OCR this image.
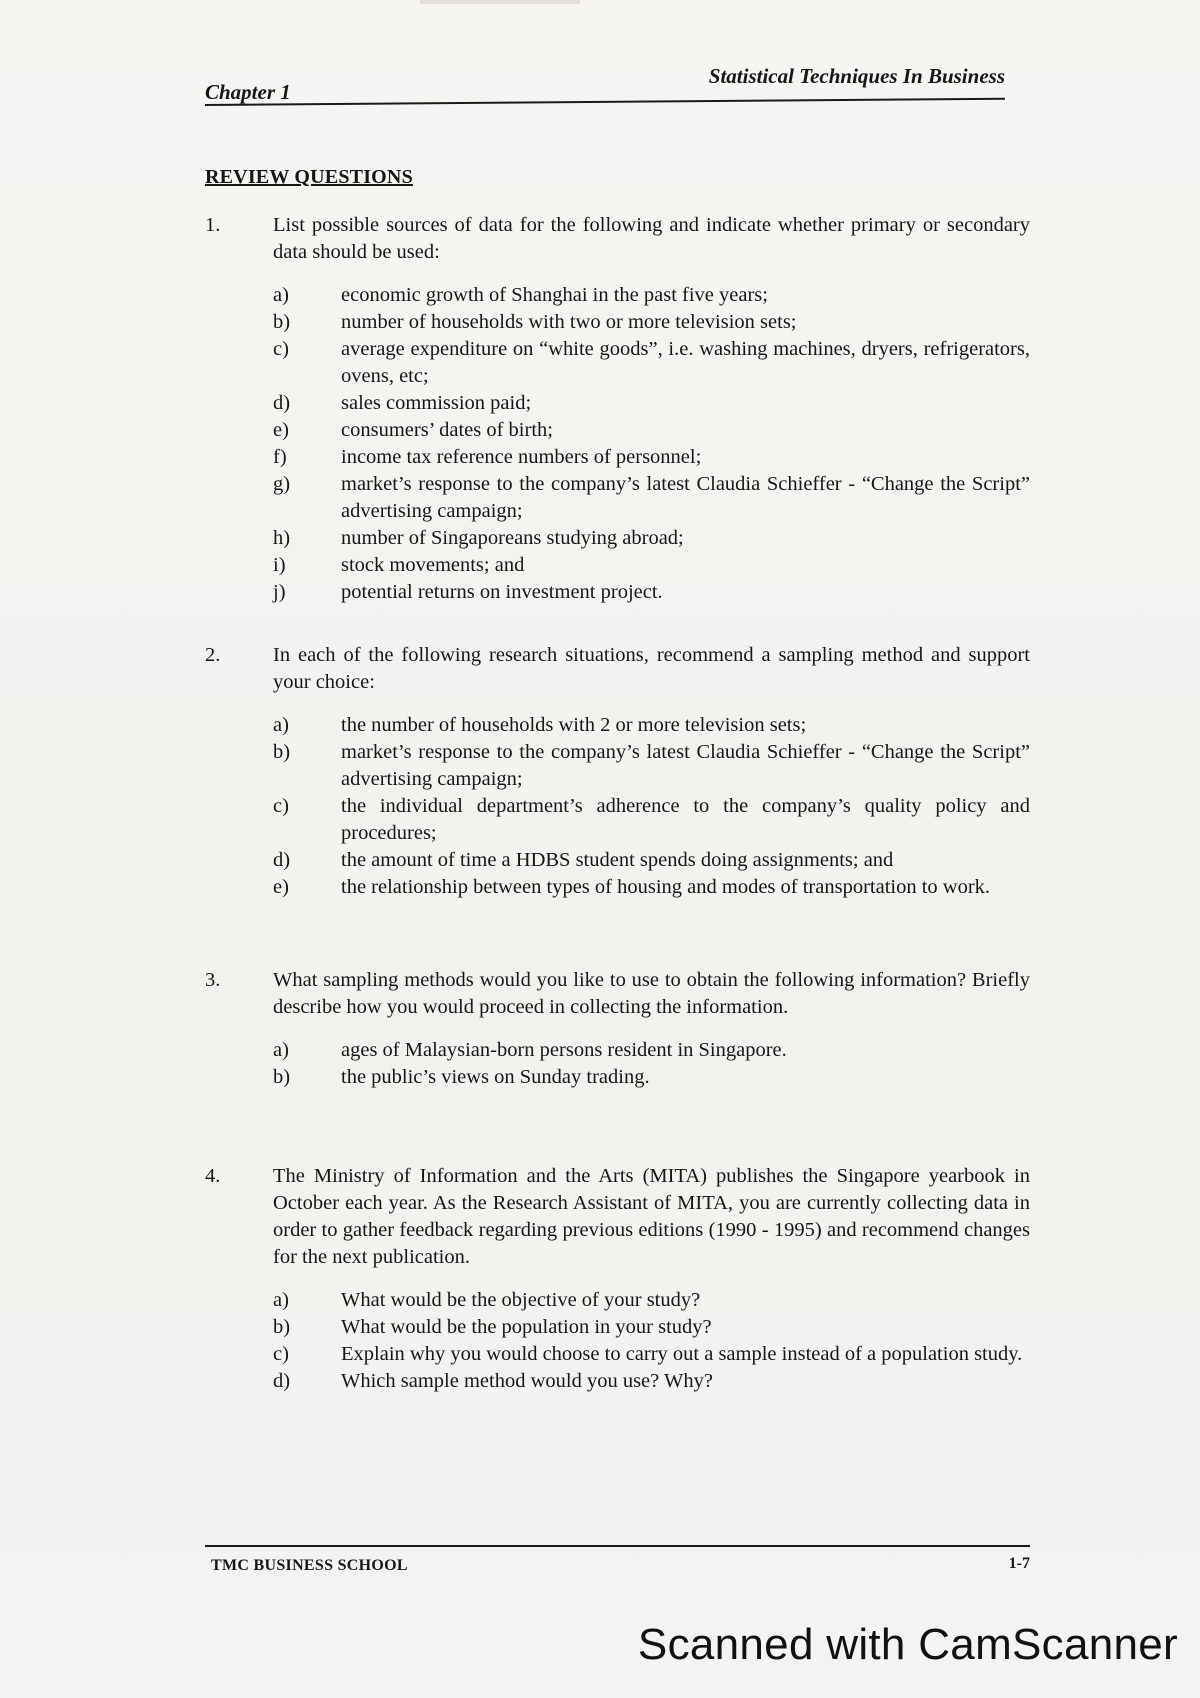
Chapter 1
Statistical Techniques In Business
REVIEW QUESTIONS
1.	List possible sources of data for the following and indicate whether primary or secondary data should be used:
a)	economic growth of Shanghai in the past five years;
b)	number of households with two or more television sets;
c)	average expenditure on “white goods”, i.e. washing machines, dryers, refrigerators, ovens, etc;
d)	sales commission paid;
e)	consumers’ dates of birth;
f)	income tax reference numbers of personnel;
g)	market’s response to the company’s latest Claudia Schieffer - “Change the Script” advertising campaign;
h)	number of Singaporeans studying abroad;
i)	stock movements; and
j)	potential returns on investment project.
2.	In each of the following research situations, recommend a sampling method and support your choice:
a)	the number of households with 2 or more television sets;
b)	market’s response to the company’s latest Claudia Schieffer - “Change the Script” advertising campaign;
c)	the individual department’s adherence to the company’s quality policy and procedures;
d)	the amount of time a HDBS student spends doing assignments; and
e)	the relationship between types of housing and modes of transportation to work.
3.	What sampling methods would you like to use to obtain the following information? Briefly describe how you would proceed in collecting the information.
a)	ages of Malaysian-born persons resident in Singapore.
b)	the public’s views on Sunday trading.
4.	The Ministry of Information and the Arts (MITA) publishes the Singapore yearbook in October each year. As the Research Assistant of MITA, you are currently collecting data in order to gather feedback regarding previous editions (1990 - 1995) and recommend changes for the next publication.
a)	What would be the objective of your study?
b)	What would be the population in your study?
c)	Explain why you would choose to carry out a sample instead of a population study.
d)	Which sample method would you use? Why?
TMC BUSINESS SCHOOL	1-7
Scanned with CamScanner
